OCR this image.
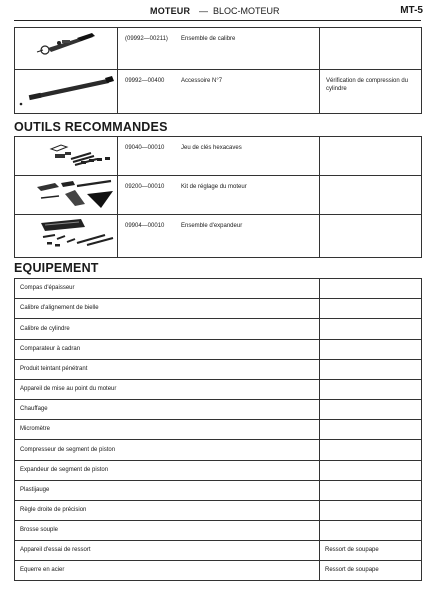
MOTEUR — BLOC-MOTEUR	MT-5

(09992—00211) Ensemble de calibre	

09992—00400 Accessoire N°7	Vérification de compression du cylindre
OUTILS RECOMMANDES

09040—00010 Jeu de clés hexacaves	

09200—00010 Kit de réglage du moteur	

09904—00010 Ensemble d'expandeur	

EQUIPEMENT
Compas d'épaisseur	
Calibre d'alignement de bielle	
Calibre de cylindre	
Comparateur à cadran	
Produit teintant pénétrant	
Appareil de mise au point du moteur	
Chauffage	
Micromètre	
Compresseur de segment de piston	
Expandeur de segment de piston	
Plastijauge	
Règle droite de précision	
Brosse souple	
Appareil d'essai de ressort	Ressort de soupape
Equerre en acier	Ressort de soupape
